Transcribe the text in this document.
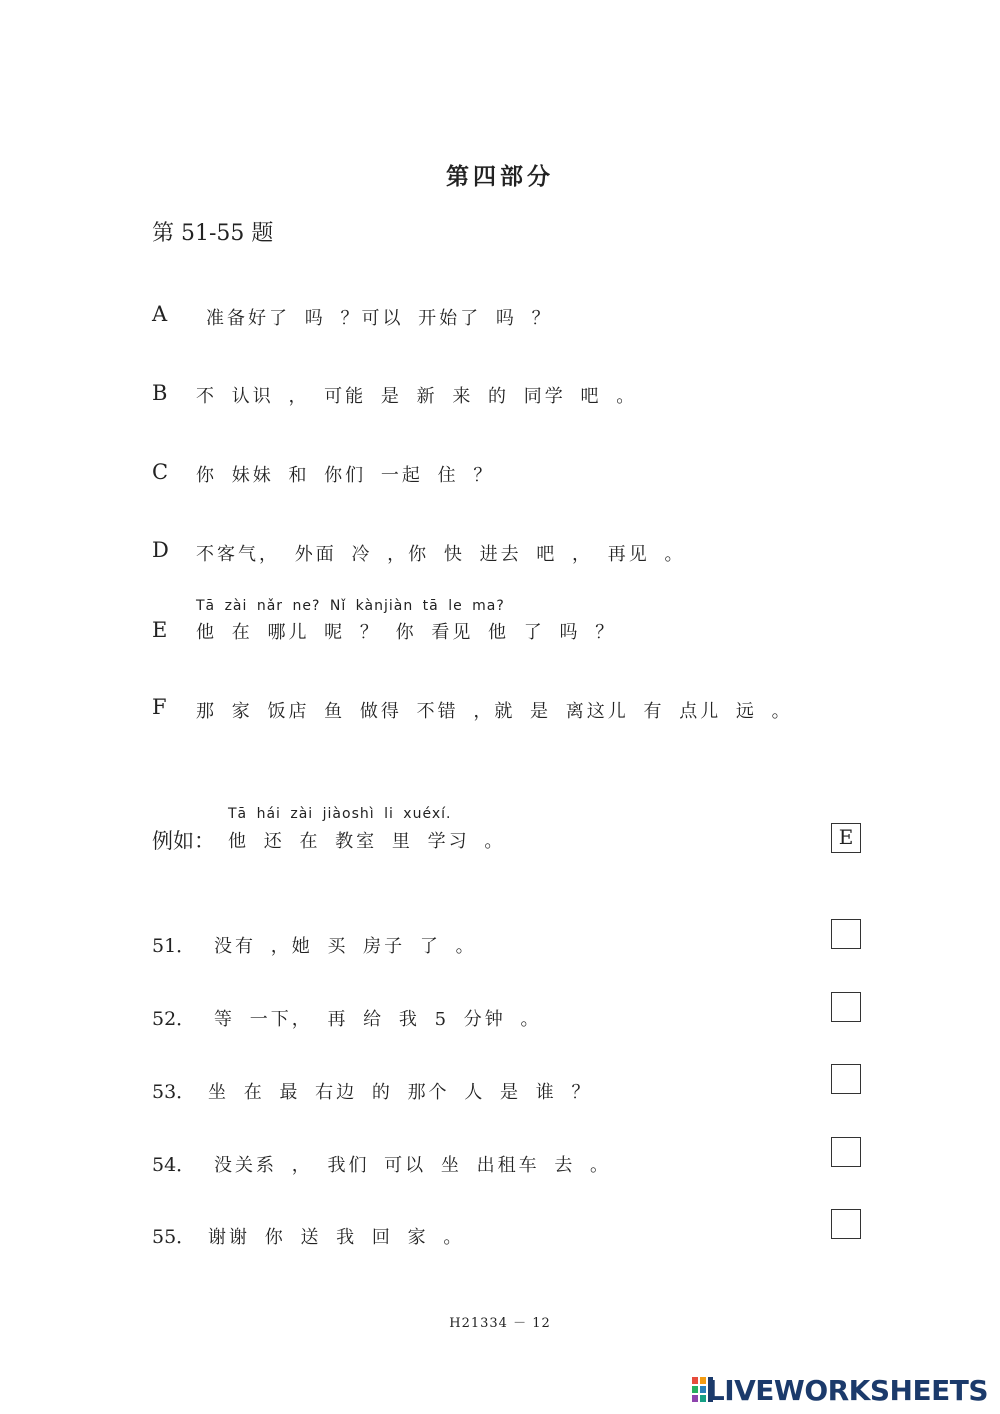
第四部分
第 51-55 题
A 准备好了 吗 ？可以 开始了 吗 ？
B 不 认识 ， 可能 是 新 来 的 同学 吧 。
C 你 妹妹 和 你们 一起 住 ？
D 不客气， 外面 冷 ，你 快 进去 吧 ， 再见 。
Tā zài nǎr ne? Nǐ kànjiàn tā le ma?
E 他 在 哪儿 呢 ？ 你 看见 他 了 吗 ？
F 那 家 饭店 鱼 做得 不错 ，就 是 离这儿 有 点儿 远 。
Tā hái zài jiàoshì li xuéxí.
例如： 他 还 在 教室 里 学习 。	E
51． 没有 ，她 买 房子 了 。
52． 等 一下， 再 给 我 5 分钟 。
53． 坐 在 最 右边 的 那个 人 是 谁 ？
54． 没关系 ， 我们 可以 坐 出租车 去 。
55． 谢谢 你 送 我 回 家 。
H21334 － 12
LIVEWORKSHEETS
